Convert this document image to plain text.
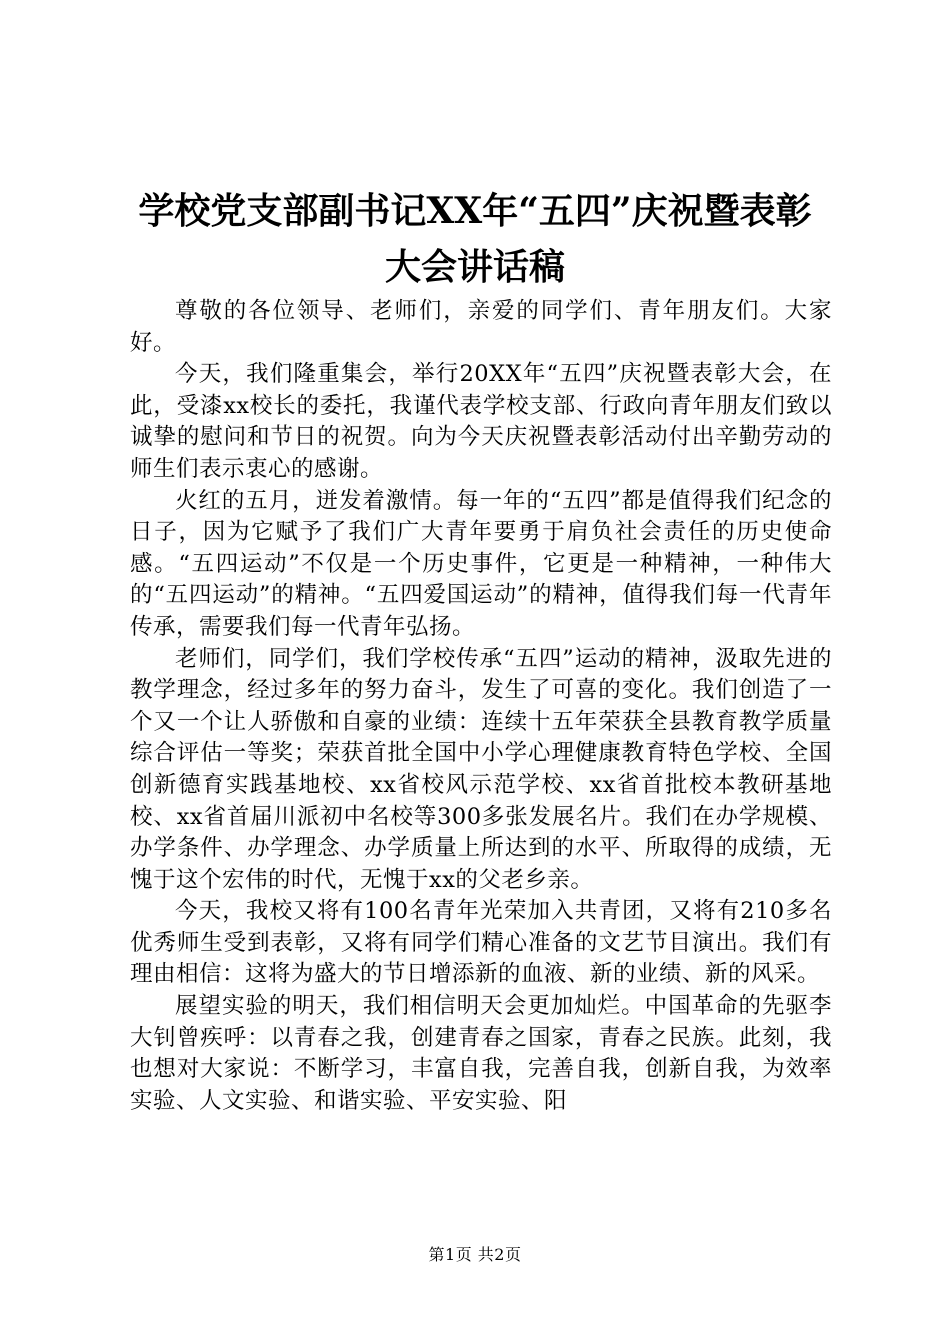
学校党支部副书记XX年“五四”庆祝暨表彰
大会讲话稿

尊敬的各位领导、老师们，亲爱的同学们、青年朋友们。大家好。

今天，我们隆重集会，举行20XX年“五四”庆祝暨表彰大会，在此，受漆xx校长的委托，我谨代表学校支部、行政向青年朋友们致以诚挚的慰问和节日的祝贺。向为今天庆祝暨表彰活动付出辛勤劳动的师生们表示衷心的感谢。

火红的五月，迸发着激情。每一年的“五四”都是值得我们纪念的日子，因为它赋予了我们广大青年要勇于肩负社会责任的历史使命感。“五四运动”不仅是一个历史事件，它更是一种精神，一种伟大的“五四运动”的精神。“五四爱国运动”的精神，值得我们每一代青年传承，需要我们每一代青年弘扬。

老师们，同学们，我们学校传承“五四”运动的精神，汲取先进的教学理念，经过多年的努力奋斗，发生了可喜的变化。我们创造了一个又一个让人骄傲和自豪的业绩：连续十五年荣获全县教育教学质量综合评估一等奖；荣获首批全国中小学心理健康教育特色学校、全国创新德育实践基地校、xx省校风示范学校、xx省首批校本教研基地校、xx省首届川派初中名校等300多张发展名片。我们在办学规模、办学条件、办学理念、办学质量上所达到的水平、所取得的成绩，无愧于这个宏伟的时代，无愧于xx的父老乡亲。

今天，我校又将有100名青年光荣加入共青团，又将有210多名优秀师生受到表彰，又将有同学们精心准备的文艺节目演出。我们有理由相信：这将为盛大的节日增添新的血液、新的业绩、新的风采。

展望实验的明天，我们相信明天会更加灿烂。中国革命的先驱李大钊曾疾呼：以青春之我，创建青春之国家，青春之民族。此刻，我也想对大家说：不断学习，丰富自我，完善自我，创新自我，为效率实验、人文实验、和谐实验、平安实验、阳

第1页 共2页
